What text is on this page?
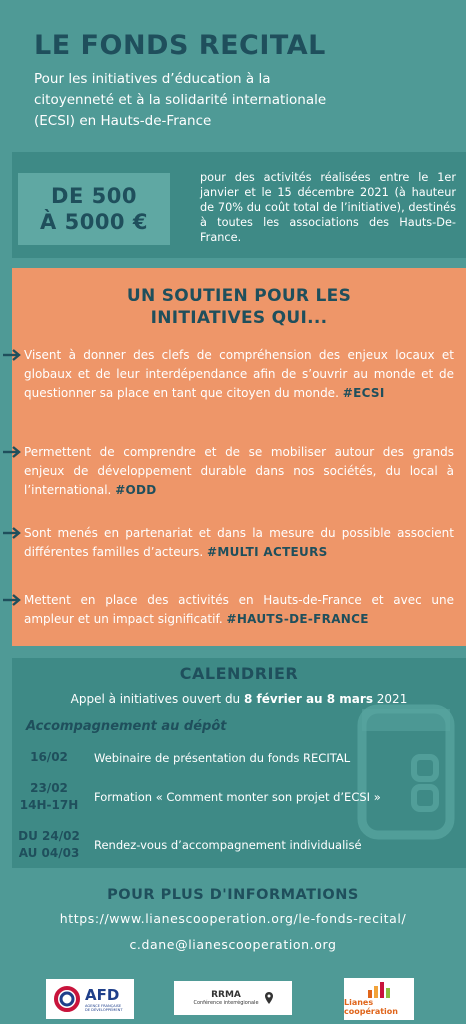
LE FONDS RECITAL
Pour les initiatives d’éducation à la
citoyenneté et à la solidarité internationale
(ECSI) en Hauts-de-France
DE 500
À 5000 €
pour des activités réalisées entre le 1er janvier et le 15 décembre 2021 (à hauteur de 70% du coût total de l’initiative), destinés à toutes les associations des Hauts-De-France.
UN SOUTIEN POUR LES
INITIATIVES QUI...
Visent à donner des clefs de compréhension des enjeux locaux et globaux et de leur interdépendance afin de s’ouvrir au monde et de questionner sa place en tant que citoyen du monde. #ECSI
Permettent de comprendre et de se mobiliser autour des grands enjeux de développement durable dans nos sociétés, du local à l’international. #ODD
Sont menés en partenariat et dans la mesure du possible associent différentes familles d’acteurs. #MULTI ACTEURS
Mettent en place des activités en Hauts-de-France et avec une ampleur et un impact significatif. #HAUTS-DE-FRANCE
CALENDRIER
Appel à initiatives ouvert du 8 février au 8 mars 2021
Accompagnement au dépôt
16/02	Webinaire de présentation du fonds RECITAL
23/02
14H-17H
Formation « Comment monter son projet d’ECSI »
DU 24/02
AU 04/03
Rendez-vous d’accompagnement individualisé
POUR PLUS D'INFORMATIONS
https://www.lianescooperation.org/le-fonds-recital/
c.dane@lianescooperation.org
AFD
AGENCE FRANÇAISE DE DÉVELOPPEMENT
RRMA
Conférence interrégionale	Lianes coopération
